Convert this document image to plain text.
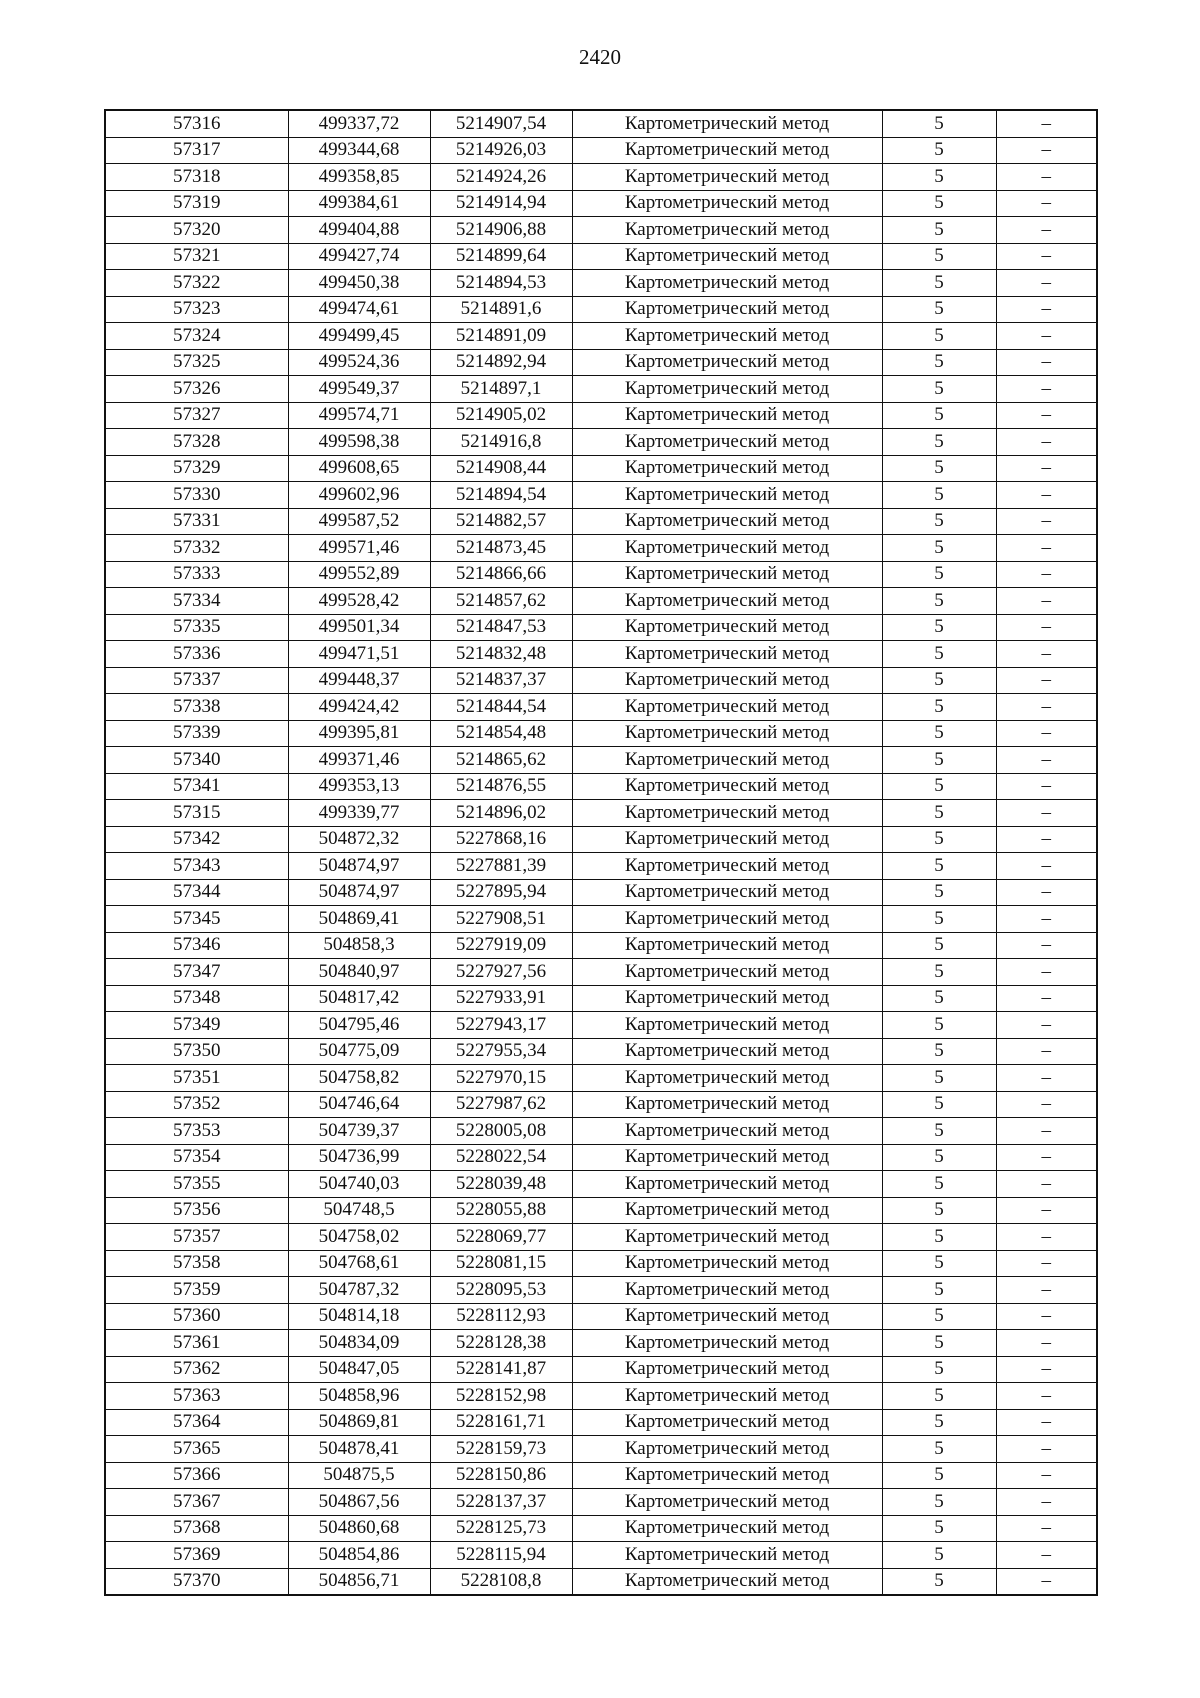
2420
57316	499337,72	5214907,54	Картометрический метод	5	–
57317	499344,68	5214926,03	Картометрический метод	5	–
57318	499358,85	5214924,26	Картометрический метод	5	–
57319	499384,61	5214914,94	Картометрический метод	5	–
57320	499404,88	5214906,88	Картометрический метод	5	–
57321	499427,74	5214899,64	Картометрический метод	5	–
57322	499450,38	5214894,53	Картометрический метод	5	–
57323	499474,61	5214891,6	Картометрический метод	5	–
57324	499499,45	5214891,09	Картометрический метод	5	–
57325	499524,36	5214892,94	Картометрический метод	5	–
57326	499549,37	5214897,1	Картометрический метод	5	–
57327	499574,71	5214905,02	Картометрический метод	5	–
57328	499598,38	5214916,8	Картометрический метод	5	–
57329	499608,65	5214908,44	Картометрический метод	5	–
57330	499602,96	5214894,54	Картометрический метод	5	–
57331	499587,52	5214882,57	Картометрический метод	5	–
57332	499571,46	5214873,45	Картометрический метод	5	–
57333	499552,89	5214866,66	Картометрический метод	5	–
57334	499528,42	5214857,62	Картометрический метод	5	–
57335	499501,34	5214847,53	Картометрический метод	5	–
57336	499471,51	5214832,48	Картометрический метод	5	–
57337	499448,37	5214837,37	Картометрический метод	5	–
57338	499424,42	5214844,54	Картометрический метод	5	–
57339	499395,81	5214854,48	Картометрический метод	5	–
57340	499371,46	5214865,62	Картометрический метод	5	–
57341	499353,13	5214876,55	Картометрический метод	5	–
57315	499339,77	5214896,02	Картометрический метод	5	–
57342	504872,32	5227868,16	Картометрический метод	5	–
57343	504874,97	5227881,39	Картометрический метод	5	–
57344	504874,97	5227895,94	Картометрический метод	5	–
57345	504869,41	5227908,51	Картометрический метод	5	–
57346	504858,3	5227919,09	Картометрический метод	5	–
57347	504840,97	5227927,56	Картометрический метод	5	–
57348	504817,42	5227933,91	Картометрический метод	5	–
57349	504795,46	5227943,17	Картометрический метод	5	–
57350	504775,09	5227955,34	Картометрический метод	5	–
57351	504758,82	5227970,15	Картометрический метод	5	–
57352	504746,64	5227987,62	Картометрический метод	5	–
57353	504739,37	5228005,08	Картометрический метод	5	–
57354	504736,99	5228022,54	Картометрический метод	5	–
57355	504740,03	5228039,48	Картометрический метод	5	–
57356	504748,5	5228055,88	Картометрический метод	5	–
57357	504758,02	5228069,77	Картометрический метод	5	–
57358	504768,61	5228081,15	Картометрический метод	5	–
57359	504787,32	5228095,53	Картометрический метод	5	–
57360	504814,18	5228112,93	Картометрический метод	5	–
57361	504834,09	5228128,38	Картометрический метод	5	–
57362	504847,05	5228141,87	Картометрический метод	5	–
57363	504858,96	5228152,98	Картометрический метод	5	–
57364	504869,81	5228161,71	Картометрический метод	5	–
57365	504878,41	5228159,73	Картометрический метод	5	–
57366	504875,5	5228150,86	Картометрический метод	5	–
57367	504867,56	5228137,37	Картометрический метод	5	–
57368	504860,68	5228125,73	Картометрический метод	5	–
57369	504854,86	5228115,94	Картометрический метод	5	–
57370	504856,71	5228108,8	Картометрический метод	5	–
